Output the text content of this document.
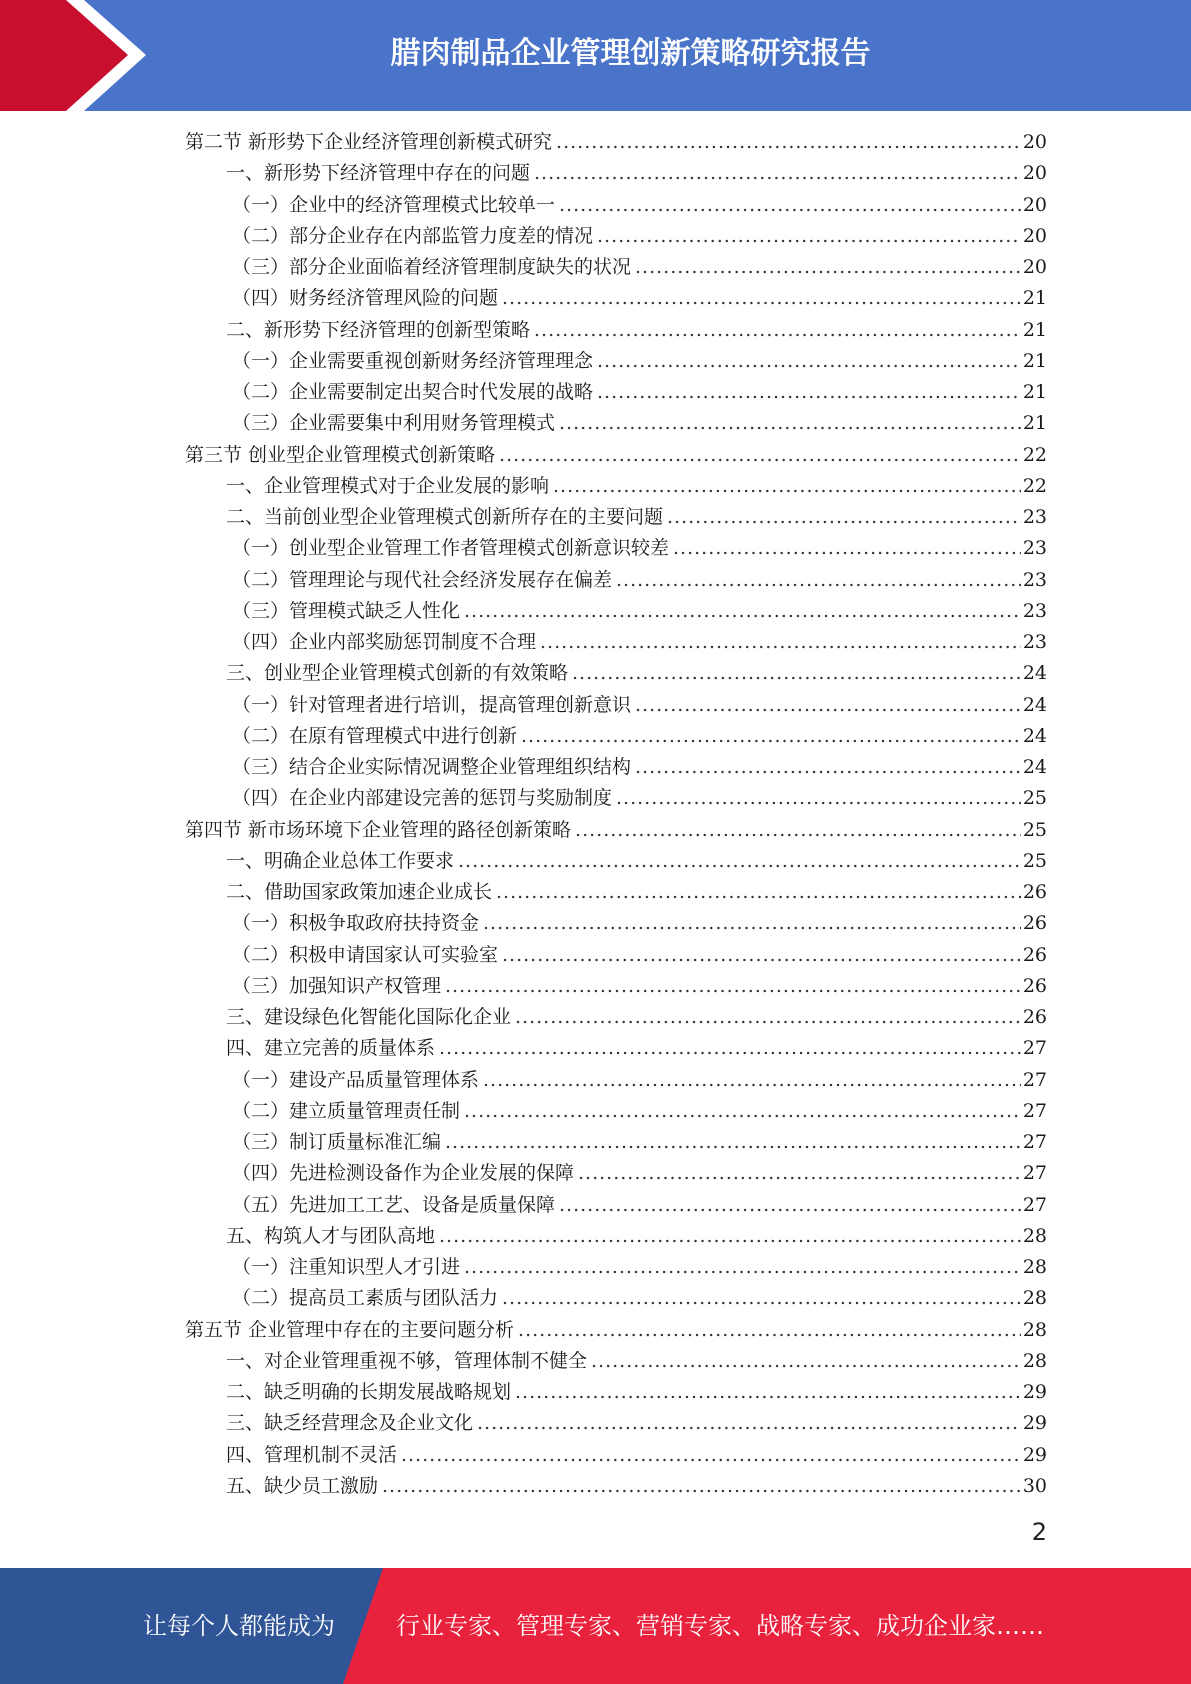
腊肉制品企业管理创新策略研究报告
第二节 新形势下企业经济管理创新模式研究 .....	20
一、新形势下经济管理中存在的问题 .....	20
（一）企业中的经济管理模式比较单一 .....	20
（二）部分企业存在内部监管力度差的情况 .....	20
（三）部分企业面临着经济管理制度缺失的状况 .....	20
（四）财务经济管理风险的问题 .....	21
二、新形势下经济管理的创新型策略 .....	21
（一）企业需要重视创新财务经济管理理念 .....	21
（二）企业需要制定出契合时代发展的战略 .....	21
（三）企业需要集中利用财务管理模式 .....	21
第三节 创业型企业管理模式创新策略 .....	22
一、企业管理模式对于企业发展的影响 .....	22
二、当前创业型企业管理模式创新所存在的主要问题 .....	23
（一）创业型企业管理工作者管理模式创新意识较差 .....	23
（二）管理理论与现代社会经济发展存在偏差 .....	23
（三）管理模式缺乏人性化 .....	23
（四）企业内部奖励惩罚制度不合理 .....	23
三、创业型企业管理模式创新的有效策略 .....	24
（一）针对管理者进行培训，提高管理创新意识 .....	24
（二）在原有管理模式中进行创新 .....	24
（三）结合企业实际情况调整企业管理组织结构 .....	24
（四）在企业内部建设完善的惩罚与奖励制度 .....	25
第四节 新市场环境下企业管理的路径创新策略 .....	25
一、明确企业总体工作要求 .....	25
二、借助国家政策加速企业成长 .....	26
（一）积极争取政府扶持资金 .....	26
（二）积极申请国家认可实验室 .....	26
（三）加强知识产权管理 .....	26
三、建设绿色化智能化国际化企业 .....	26
四、建立完善的质量体系 .....	27
（一）建设产品质量管理体系 .....	27
（二）建立质量管理责任制 .....	27
（三）制订质量标准汇编 .....	27
（四）先进检测设备作为企业发展的保障 .....	27
（五）先进加工工艺、设备是质量保障 .....	27
五、构筑人才与团队高地 .....	28
（一）注重知识型人才引进 .....	28
（二）提高员工素质与团队活力 .....	28
第五节 企业管理中存在的主要问题分析 .....	28
一、对企业管理重视不够，管理体制不健全 .....	28
二、缺乏明确的长期发展战略规划 .....	29
三、缺乏经营理念及企业文化 .....	29
四、管理机制不灵活 .....	29
五、缺少员工激励 .....	30
2
让每个人都能成为	行业专家、管理专家、营销专家、战略专家、成功企业家……
